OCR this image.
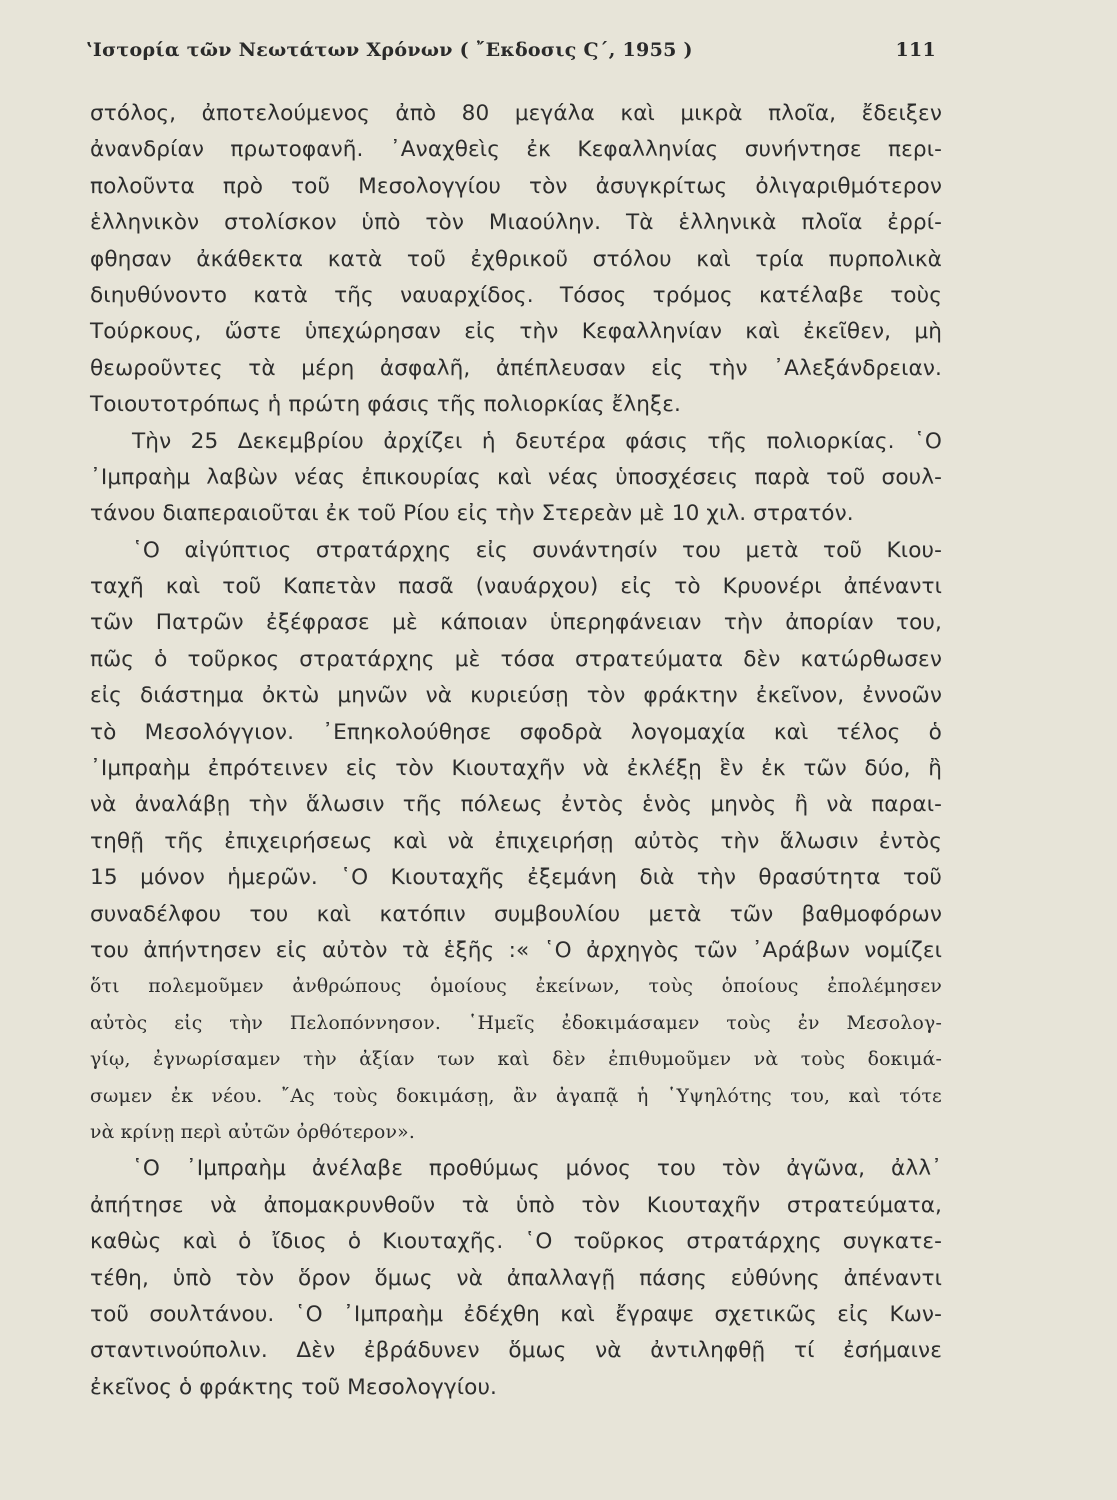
ʽΙστορία τῶν Νεωτάτων Χρόνων ( ῎Εκδοσις Ϛ΄, 1955 )	111
στόλος, ἀποτελούμενος ἀπὸ 80 μεγάλα καὶ μικρὰ πλοῖα, ἔδειξεν
ἀνανδρίαν πρωτοφανῆ. ᾽Αναχθεὶς ἐκ Κεφαλληνίας συνήντησε περι-
πολοῦντα πρὸ τοῦ Μεσολογγίου τὸν ἀσυγκρίτως ὀλιγαριθμότερον
ἑλληνικὸν στολίσκον ὑπὸ τὸν Μιαούλην. Τὰ ἑλληνικὰ πλοῖα ἐρρί-
φθησαν ἀκάθεκτα κατὰ τοῦ ἐχθρικοῦ στόλου καὶ τρία πυρπολικὰ
διηυθύνοντο κατὰ τῆς ναυαρχίδος. Τόσος τρόμος κατέλαβε τοὺς
Τούρκους, ὥστε ὑπεχώρησαν εἰς τὴν Κεφαλληνίαν καὶ ἐκεῖθεν, μὴ
θεωροῦντες τὰ μέρη ἀσφαλῆ, ἀπέπλευσαν εἰς τὴν ᾽Αλεξάνδρειαν.
Τοιουτοτρόπως ἡ πρώτη φάσις τῆς πολιορκίας ἔληξε.
Τὴν 25 Δεκεμβρίου ἀρχίζει ἡ δευτέρα φάσις τῆς πολιορκίας. ῾Ο
᾽Ιμπραὴμ λαβὼν νέας ἐπικουρίας καὶ νέας ὑποσχέσεις παρὰ τοῦ σουλ-
τάνου διαπεραιοῦται ἐκ τοῦ Ρίου εἰς τὴν Στερεὰν μὲ 10 χιλ. στρατόν.
῾Ο αἰγύπτιος στρατάρχης εἰς συνάντησίν του μετὰ τοῦ Κιου-
ταχῆ καὶ τοῦ Καπετὰν πασᾶ (ναυάρχου) εἰς τὸ Κρυονέρι ἀπέναντι
τῶν Πατρῶν ἐξέφρασε μὲ κάποιαν ὑπερηφάνειαν τὴν ἀπορίαν του,
πῶς ὁ τοῦρκος στρατάρχης μὲ τόσα στρατεύματα δὲν κατώρθωσεν
εἰς διάστημα ὀκτὼ μηνῶν νὰ κυριεύσῃ τὸν φράκτην ἐκεῖνον, ἐννοῶν
τὸ Μεσολόγγιον. ᾽Επηκολούθησε σφοδρὰ λογομαχία καὶ τέλος ὁ
᾽Ιμπραὴμ ἐπρότεινεν εἰς τὸν Κιουταχῆν νὰ ἐκλέξῃ ἓν ἐκ τῶν δύο, ἢ
νὰ ἀναλάβῃ τὴν ἅλωσιν τῆς πόλεως ἐντὸς ἑνὸς μηνὸς ἢ νὰ παραι-
τηθῇ τῆς ἐπιχειρήσεως καὶ νὰ ἐπιχειρήσῃ αὐτὸς τὴν ἅλωσιν ἐντὸς
15 μόνον ἡμερῶν. ῾Ο Κιουταχῆς ἐξεμάνη διὰ τὴν θρασύτητα τοῦ
συναδέλφου του καὶ κατόπιν συμβουλίου μετὰ τῶν βαθμοφόρων
του ἀπήντησεν εἰς αὐτὸν τὰ ἑξῆς :« ῾Ο ἀρχηγὸς τῶν ᾽Αράβων νομίζει
ὅτι πολεμοῦμεν ἀνθρώπους ὁμοίους ἐκείνων, τοὺς ὁποίους ἐπολέμησεν
αὐτὸς εἰς τὴν Πελοπόννησον. ῾Ημεῖς ἐδοκιμάσαμεν τοὺς ἐν Μεσολογ-
γίῳ, ἐγνωρίσαμεν τὴν ἀξίαν των καὶ δὲν ἐπιθυμοῦμεν νὰ τοὺς δοκιμά-
σωμεν ἐκ νέου. ῎Ας τοὺς δοκιμάσῃ, ἂν ἀγαπᾷ ἡ ῾Υψηλότης του, καὶ τότε
νὰ κρίνῃ περὶ αὐτῶν ὀρθότερον».
῾Ο ᾽Ιμπραὴμ ἀνέλαβε προθύμως μόνος του τὸν ἀγῶνα, ἀλλ᾽
ἀπήτησε νὰ ἀπομακρυνθοῦν τὰ ὑπὸ τὸν Κιουταχῆν στρατεύματα,
καθὼς καὶ ὁ ἴδιος ὁ Κιουταχῆς. ῾Ο τοῦρκος στρατάρχης συγκατε-
τέθη, ὑπὸ τὸν ὅρον ὅμως νὰ ἀπαλλαγῇ πάσης εὐθύνης ἀπέναντι
τοῦ σουλτάνου. ῾Ο ᾽Ιμπραὴμ ἐδέχθη καὶ ἔγραψε σχετικῶς εἰς Κων-
σταντινούπολιν. Δὲν ἐβράδυνεν ὅμως νὰ ἀντιληφθῇ τί ἐσήμαινε
ἐκεῖνος ὁ φράκτης τοῦ Μεσολογγίου.
